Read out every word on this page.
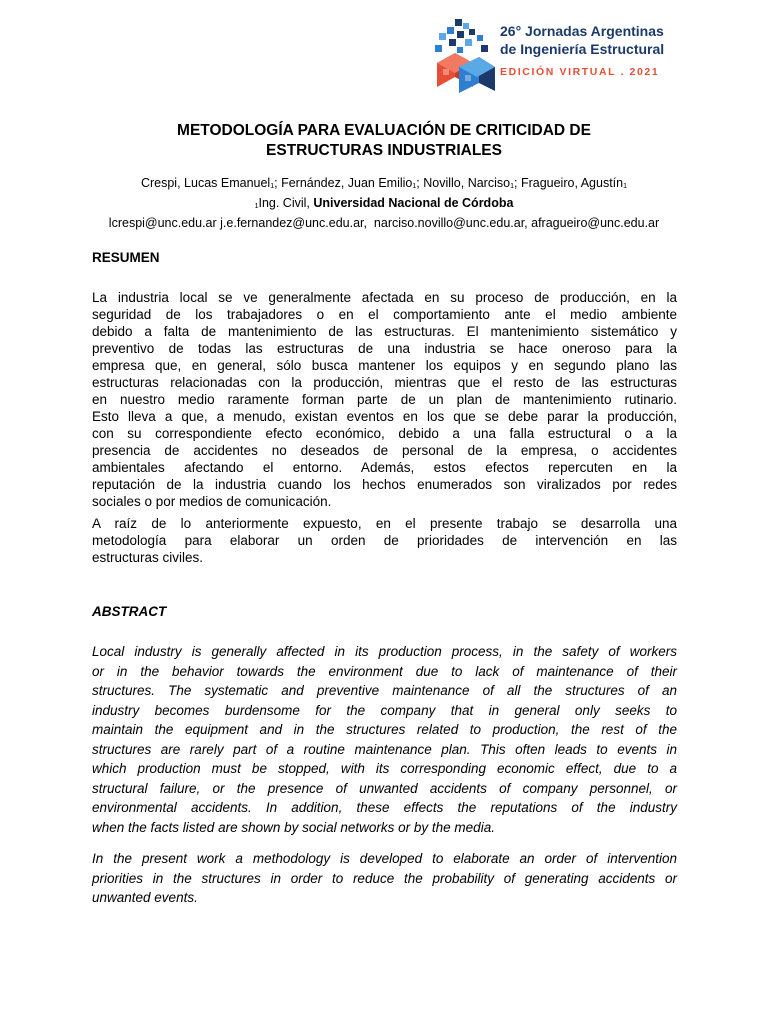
26° Jornadas Argentinas
de Ingeniería Estructural
EDICIÓN VIRTUAL . 2021
METODOLOGÍA PARA EVALUACIÓN DE CRITICIDAD DE
ESTRUCTURAS INDUSTRIALES
Crespi, Lucas Emanuel$_1$; Fernández, Juan Emilio$_1$; Novillo, Narciso$_1$; Fragueiro, Agustín$_1$
1Ing. Civil, Universidad Nacional de Córdoba
lcrespi@unc.edu.ar j.e.fernandez@unc.edu.ar,  narciso.novillo@unc.edu.ar, afragueiro@unc.edu.ar
RESUMEN
La industria local se ve generalmente afectada en su proceso de producción, en la
seguridad de los trabajadores o en el comportamiento ante el medio ambiente
debido a falta de mantenimiento de las estructuras. El mantenimiento sistemático y
preventivo de todas las estructuras de una industria se hace oneroso para la
empresa que, en general, sólo busca mantener los equipos y en segundo plano las
estructuras relacionadas con la producción, mientras que el resto de las estructuras
en nuestro medio raramente forman parte de un plan de mantenimiento rutinario.
Esto lleva a que, a menudo, existan eventos en los que se debe parar la producción,
con su correspondiente efecto económico, debido a una falla estructural o a la
presencia de accidentes no deseados de personal de la empresa, o accidentes
ambientales afectando el entorno. Además, estos efectos repercuten en la
reputación de la industria cuando los hechos enumerados son viralizados por redes
sociales o por medios de comunicación.
A raíz de lo anteriormente expuesto, en el presente trabajo se desarrolla una
metodología para elaborar un orden de prioridades de intervención en las
estructuras civiles.
ABSTRACT
Local industry is generally affected in its production process, in the safety of workers
or in the behavior towards the environment due to lack of maintenance of their
structures. The systematic and preventive maintenance of all the structures of an
industry becomes burdensome for the company that in general only seeks to
maintain the equipment and in the structures related to production, the rest of the
structures are rarely part of a routine maintenance plan. This often leads to events in
which production must be stopped, with its corresponding economic effect, due to a
structural failure, or the presence of unwanted accidents of company personnel, or
environmental accidents. In addition, these effects the reputations of the industry
when the facts listed are shown by social networks or by the media.
In the present work a methodology is developed to elaborate an order of intervention
priorities in the structures in order to reduce the probability of generating accidents or
unwanted events.
